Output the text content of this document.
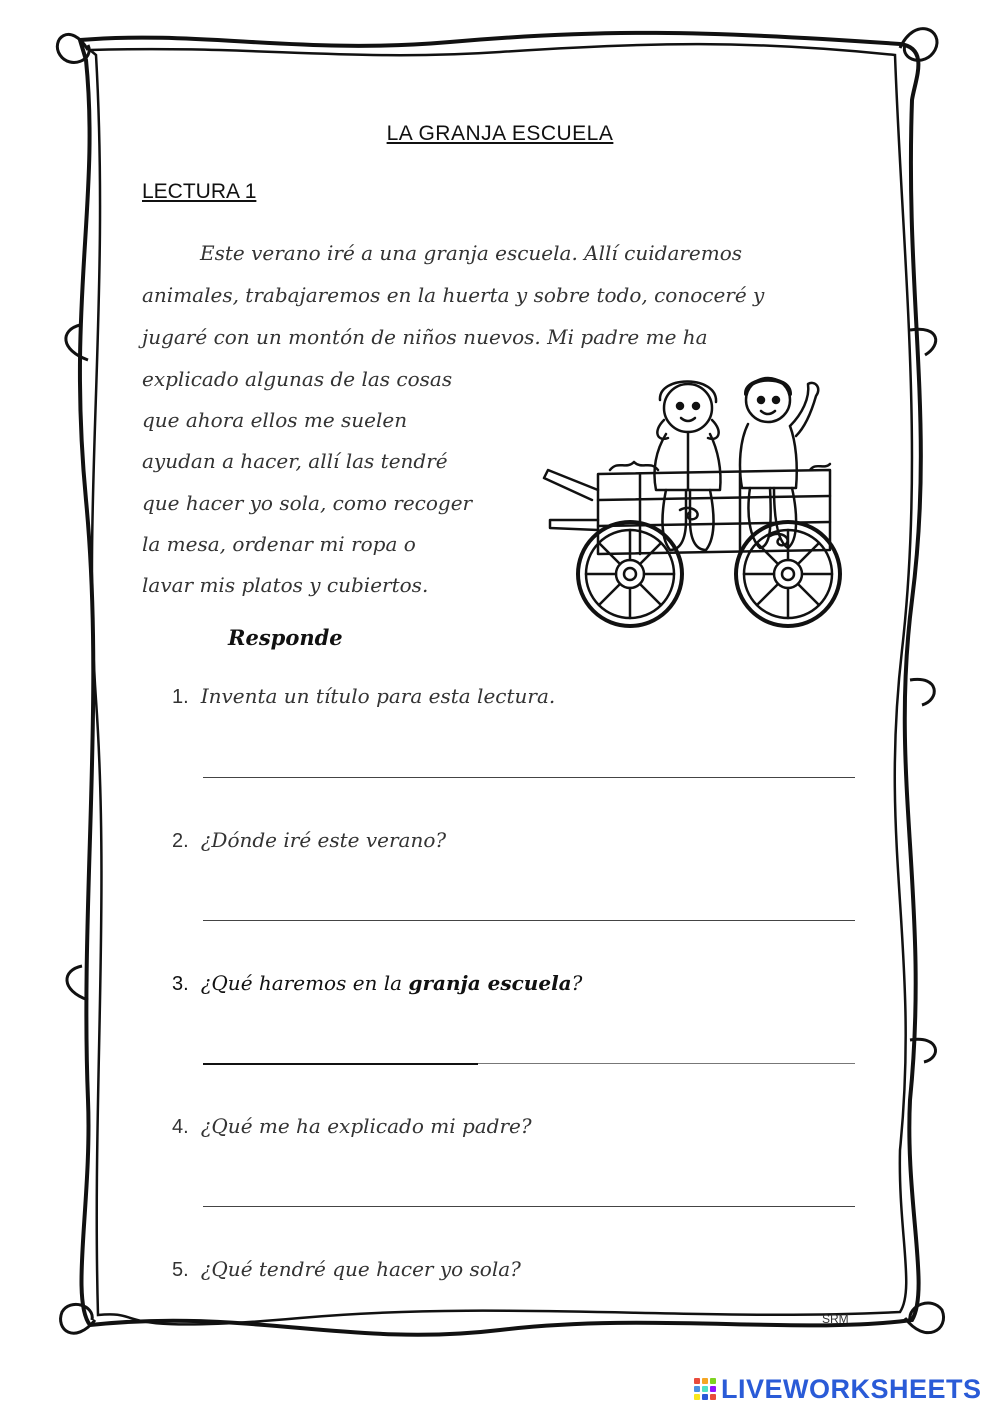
LA GRANJA ESCUELA
LECTURA 1
Este verano iré a una granja escuela. Allí cuidaremos
animales, trabajaremos en la huerta y sobre todo, conoceré y
jugaré con un montón de niños nuevos. Mi padre me ha
explicado algunas de las cosas
que ahora ellos me suelen
ayudan a hacer, allí las tendré
que hacer yo sola, como recoger
la mesa, ordenar mi ropa o
lavar mis platos y cubiertos.
Responde
1. Inventa un título para esta lectura.
2. ¿Dónde iré este verano?
3. ¿Qué haremos en la granja escuela?
4. ¿Qué me ha explicado mi padre?
5. ¿Qué tendré que hacer yo sola?
SRM
LIVEWORKSHEETS
